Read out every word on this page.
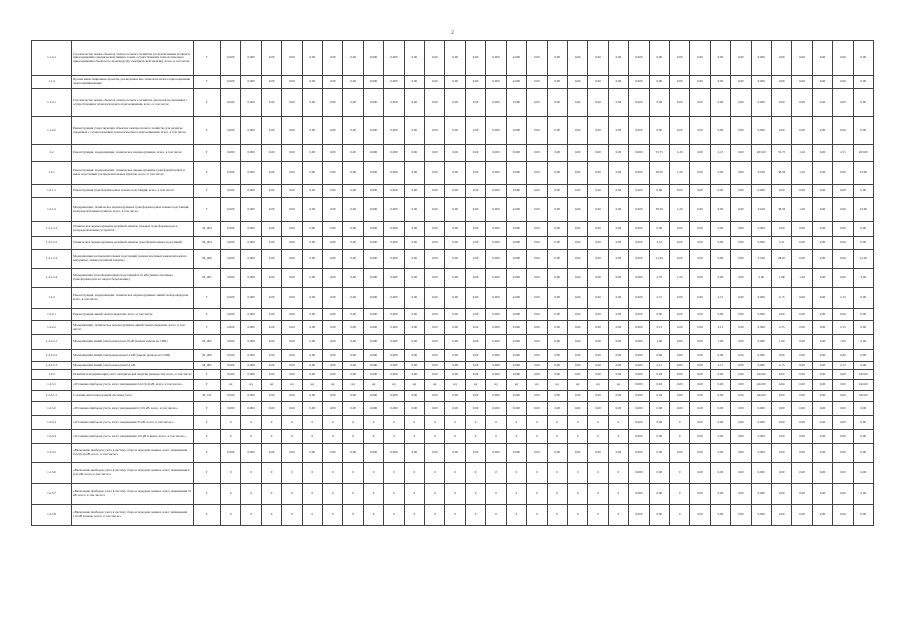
2
1.1.2.1	Строительство новых объектов электросетевого хозяйства (за исключением вставок и присоединений электрической линии к зонам, осуществлением технологического присоединения объектов по производству электрической энергии), всего, в том числе:	Г	0,000	0,000	0,00	0,00	0,00	0,00	0,00	0,000	0,000	0,00	0,00	0,00	0,00	0,000	0,000	0,00	0,00	0,00	0,00	0,00	0,000	0,00	0,00	0,00	0,00	0,00	0,000	0,00	0,00	0,00	0,00	0,00
1.1.4	Прочие инвестиционные проекты, реализуемые вне технологического присоединения энергопринимающих	Г	0,000	0,000	0,00	0,00	0,00	0,00	0,00	0,000	0,000	0,00	0,00	0,00	0,00	0,000	0,000	0,00	0,00	0,00	0,00	0,00	0,000	0,00	0,00	0,00	0,00	0,00	0,000	0,00	0,00	0,00	0,00	0,00
1.1.4.1	Строительство новых объектов электросетевого хозяйства для целей не связанных с осуществлением технологического присоединения, всего, в том числе:	Г	0,000	0,000	0,00	0,00	0,00	0,00	0,00	0,000	0,000	0,00	0,00	0,00	0,00	0,000	0,000	0,00	0,00	0,00	0,00	0,00	0,000	0,00	0,00	0,00	0,00	0,00	0,000	0,00	0,00	0,00	0,00	0,00
1.1.4.2	Реконструкция существующих объектов электросетевого хозяйства для целей не связанных с осуществлением технологического присоединения, всего, в том числе:	Г	0,000	0,000	0,00	0,00	0,00	0,00	0,00	0,000	0,000	0,00	0,00	0,00	0,00	0,000	0,000	0,00	0,00	0,00	0,00	0,00	0,000	0,00	0,00	0,00	0,00	0,00	0,000	0,00	0,00	0,00	0,00	0,00
1.2	Реконструкция, модернизация, техническое перевооружение, всего, в том числе:	Г	0,000	0,000	0,00	0,00	0,00	0,00	0,00	0,000	0,000	0,00	0,00	0,00	0,00	0,000	0,000	0,00	0,00	0,00	0,00	0,00	0,000	55,75	1,26	0,00	2,15	0,00	263,00	55,75	1,26	0,00	2,15	263,00
1.2.1	Реконструкция, модернизация, техническое перевооружение трансформаторных и иных подстанций, распределительных пунктов, всего, в том числе:	Г	0,000	0,000	0,00	0,00	0,00	0,00	0,00	0,000	0,000	0,00	0,00	0,00	0,00	0,000	0,000	0,00	0,00	0,00	0,00	0,00	0,000	38,56	1,26	0,00	0,00	0,00	23,00	38,56	1,26	0,00	0,00	23,00
1.2.1.1	Реконструкция трансформаторных и иных подстанций, всего, в том числе:	Г	0,000	0,000	0,00	0,00	0,00	0,00	0,00	0,000	0,000	0,00	0,00	0,00	0,00	0,000	0,000	0,00	0,00	0,00	0,00	0,00	0,000	0,00	0,00	0,00	0,00	0,00	0,000	0,00	0,00	0,00	0,00	0,00
1.2.1.2	Модернизация, техническое перевооружение трансформаторных и иных подстанций, распределительных пунктов, всего, в том числе:	Г	0,000	0,000	0,00	0,00	0,00	0,00	0,00	0,000	0,000	0,00	0,00	0,00	0,00	0,000	0,000	0,00	0,00	0,00	0,00	0,00	0,000	38,56	1,26	0,00	0,00	0,00	23,00	38,56	1,26	0,00	0,00	23,00
1.2.1.2.1	Техническое перевооружение релейной защиты силовых трансформаторов и распределительных устройств	M_004	0,000	0,000	0,00	0,00	0,00	0,00	0,00	0,000	0,000	0,00	0,00	0,00	0,00	0,000	0,000	0,00	0,00	0,00	0,00	0,00	0,000	0,00	0,00	0,00	0,00	0,00	0,000	0,00	0,00	0,00	0,00	0,00
1.2.1.2.2	Техническое перевооружение релейной защиты трансформаторных подстанций	M_004	0,000	0,000	0,00	0,00	0,00	0,00	0,00	0,000	0,000	0,00	0,00	0,00	0,00	0,000	0,000	0,00	0,00	0,00	0,00	0,00	0,000	3,31	0,00	0,00	0,00	0,00	0,000	3,31	0,00	0,00	0,00	0,00
1.2.1.2.3	Модернизация распределительных подстанций (замена масляных выключателей на вакуумные, замена релейной защиты)	M_006	0,000	0,000	0,00	0,00	0,00	0,00	0,00	0,000	0,000	0,00	0,00	0,00	0,00	0,000	0,000	0,00	0,00	0,00	0,00	0,00	0,000	21,69	0,00	0,00	0,00	0,00	21,00	28,07	0,00	0,00	0,00	21,00
1.2.1.2.4	Модернизация трансформаторных подстанций 6-10 кВ (замена масляных трансформаторов на энергосберегающие)	M_007	0,000	0,000	0,00	0,00	0,00	0,00	0,00	0,000	0,000	0,00	0,00	0,00	0,00	0,000	0,000	0,00	0,00	0,00	0,00	0,00	0,000	2,70	1,26	0,00	0,00	0,00	2,00	1,98	1,26	0,00	0,00	2,00
1.2.2	Реконструкция, модернизация, техническое перевооружение линий электропередачи, всего, в том числе:	Г	0,000	0,000	0,00	0,00	0,00	0,00	0,00	0,000	0,000	0,00	0,00	0,00	0,00	0,000	0,000	0,00	0,00	0,00	0,00	0,00	0,000	2,15	0,00	0,00	2,15	0,00	0,000	2,15	0,00	0,00	2,15	0,00
1.2.2.1	Реконструкция линий электропередачи, всего, в том числе:	Г	0,000	0,000	0,00	0,00	0,00	0,00	0,00	0,000	0,000	0,00	0,00	0,00	0,00	0,000	0,000	0,00	0,00	0,00	0,00	0,00	0,000	0,00	0,00	0,00	0,00	0,00	0,000	0,00	0,00	0,00	0,00	0,00
1.2.2.2	Модернизация, техническое перевооружение линий электропередачи, всего, в том числе:	Г	0,000	0,000	0,00	0,00	0,00	0,00	0,00	0,000	0,000	0,00	0,00	0,00	0,00	0,000	0,000	0,00	0,00	0,00	0,00	0,00	0,000	2,15	0,00	0,00	2,15	0,00	0,000	2,15	0,00	0,00	2,15	0,00
1.2.2.2.1	Модернизация линий электропередачи 10 кВ (замена кабеля на СИП)	M_005	0,000	0,000	0,00	0,00	0,00	0,00	0,00	0,000	0,000	0,00	0,00	0,00	0,00	0,000	0,000	0,00	0,00	0,00	0,00	0,00	0,000	1,00	0,00	0,00	1,00	0,00	0,000	1,00	0,00	0,00	1,00	0,00
1.2.2.2.2	Модернизация линий электропередачи 0,4 кВ (замена провода на СИП)	M_009	0,000	0,000	0,00	0,00	0,00	0,00	0,00	0,000	0,000	0,00	0,00	0,00	0,00	0,000	0,000	0,00	0,00	0,00	0,00	0,00	0,000	0,96	0,00	0,00	0,96	0,00	0,000	0,96	0,00	0,00	0,96	0,00
1.2.2.2.3	Модернизация линий электропередачи 0,4 кВ	M_005	0,000	0,000	0,00	0,00	0,00	0,00	0,00	0,000	0,000	0,00	0,00	0,00	0,00	0,000	0,000	0,00	0,00	0,00	0,00	0,00	0,000	2,15	0,00	0,00	2,15	0,00	0,000	2,15	0,00	0,00	2,15	0,00
1.2.3	Развитие и модернизация учета электрической энергии (мощности), всего, в том числе:	Г	0,000	0,000	0,00	0,00	0,00	0,00	0,00	0,000	0,000	0,00	0,00	0,00	0,00	0,000	0,000	0,00	0,00	0,00	0,00	0,00	0,000	6,04	0,00	0,00	0,00	0,00	242,00	6,04	0,00	0,00	0,00	242,00
1.2.3.1	«Установка приборов учета, класс напряжения 0,22 (0,4) кВ, всего, в том числе:»	Г	нд	нд	нд	нд	нд	нд	нд	нд	нд	нд	нд	нд	нд	нд	нд	нд	нд	нд	нд	нд	0,000	6,04	0,00	0,00	0,00	0,00	242,00	6,04	0,00	0,00	0,00	242,00
1.2.3.1.1	Создание интеллектуальной системы учета	M_011	0,000	0,000	0,00	0,00	0,00	0,00	0,00	0,000	0,000	0,00	0,00	0,00	0,00	0,000	0,000	0,00	0,00	0,00	0,00	0,00	0,000	6,04	0,00	0,00	0,00	0,00	242,00	6,04	0,00	0,00	0,00	242,00
1.2.3.2	«Установка приборов учета, класс напряжения 6 (10) кВ, всего, в том числе:»	Г	0,000	0,000	0,00	0,00	0,00	0,00	0,00	0,000	0,000	0,00	0,00	0,00	0,00	0,000	0,000	0,00	0,00	0,00	0,00	0,00	0,000	0,00	0,00	0,00	0,00	0,00	0,000	0,00	0,00	0,00	0,00	0,00
1.2.3.3	«Установка приборов учета, класс напряжения 35 кВ, всего, в том числе:»	Г	0	0	0	0	0	0	0	0	0	0	0	0	0	0	0	0	0	0	0	0	0,000	0,00	0	0,00	0,00	0,00	0,000	0,00	0,00	0,00	0,00	0,00
1.2.3.4	«Установка приборов учета, класс напряжения 110 кВ и выше, всего, в том числе:»	Г	0	0	0	0	0	0	0	0	0	0	0	0	0	0	0	0	0	0	0	0	0,000	0,00	0	0,00	0,00	0,00	0,000	0,00	0,00	0,00	0,00	0,00
1.2.3.5	«Включение приборов учета в систему сбора и передачи данных, класс напряжения 0,22 (0,4) кВ, всего, в том числе:»	Г	0,000	0,000	0,00	0,00	0,00	0,00	0,00	0,000	0,000	0,00	0,00	0,00	0,00	0,000	0,000	0,00	0,00	0,00	0,00	0,00	0,000	0,00	0,00	0,00	0,00	0,00	0,000	0,00	0,00	0,00	0,00	0,00
1.2.3.6	«Включение приборов учета в систему сбора и передачи данных, класс напряжения 6 (10) кВ, всего, в том числе:»	Г	0	0	0	0	0	0	0	0	0	0	0	0	0	0	0	0	0	0	0	0	0,000	0,00	0	0,00	0,00	0,00	0,000	0,00	0,00	0,00	0,00	0,00
1.2.3.7	«Включение приборов учета в систему сбора и передачи данных, класс напряжения 35 кВ, всего, в том числе:»	Г	0	0	0	0	0	0	0	0	0	0	0	0	0	0	0	0	0	0	0	0	0,000	0,00	0	0,00	0,00	0,00	0,000	0,00	0,00	0,00	0,00	0,00
1.2.3.8	«Включение приборов учета в систему сбора и передачи данных, класс напряжения 110 кВ и выше, всего, в том числе:»	Г	0	0	0	0	0	0	0	0	0	0	0	0	0	0	0	0	0	0	0	0	0,000	0,00	0	0,00	0,00	0,00	0,000	0,00	0,00	0,00	0,00	0,00
